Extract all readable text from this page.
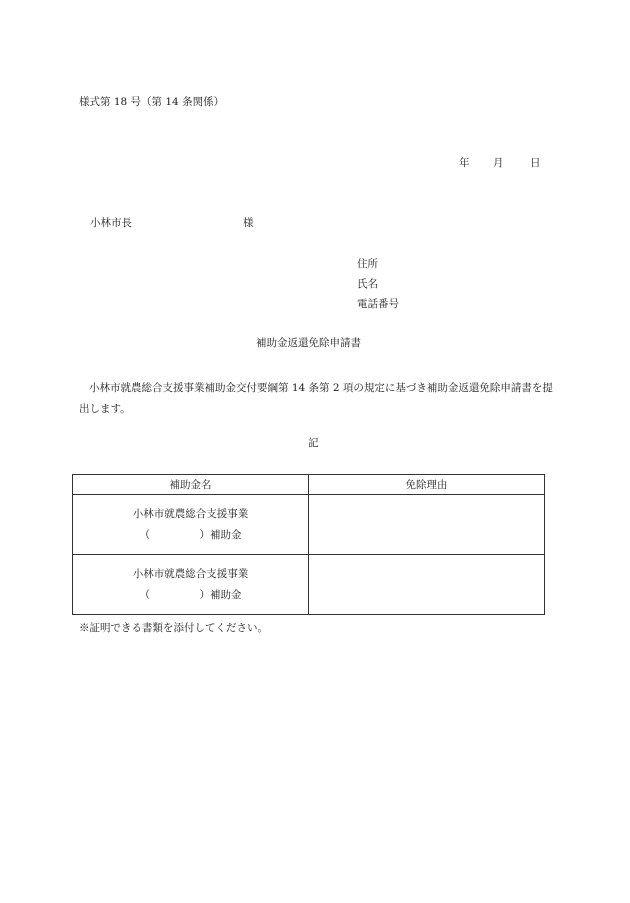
様式第 18 号（第 14 条関係）
年 月	日
小林市長	様
住所
氏名
電話番号
補助金返還免除申請書
小林市就農総合支援事業補助金交付要綱第 14 条第 2 項の規定に基づき補助金返還免除申請書を提出します。
記
補助金名	免除理由

小林市就農総合支援事業
（ ）補助金	

小林市就農総合支援事業
（ ）補助金	
※証明できる書類を添付してください。
